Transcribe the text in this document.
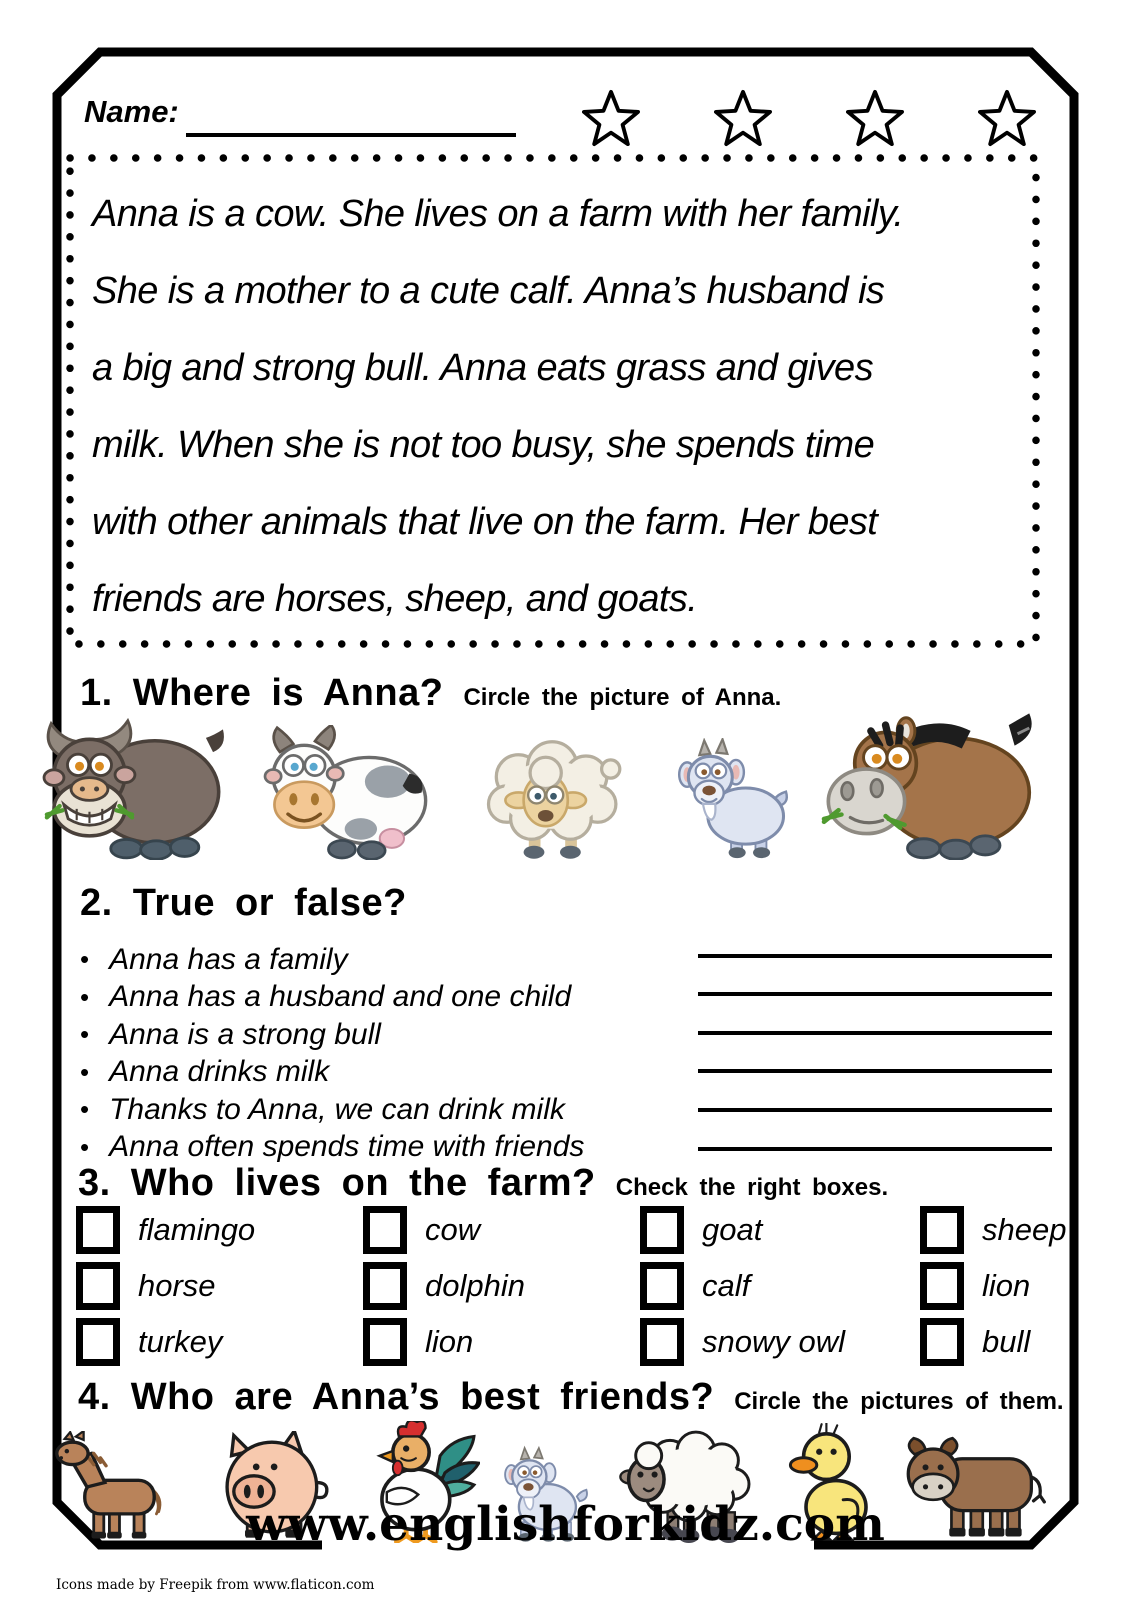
Name:
Anna is a cow. She lives on a farm with her family.
She is a mother to a cute calf. Anna’s husband is
a big and strong bull. Anna eats grass and gives
milk. When she is not too busy, she spends time
with other animals that live on the farm. Her best
friends are horses, sheep, and goats.
1. Where is Anna? Circle the picture of Anna.
2. True or false?
• Anna has a family
• Anna has a husband and one child
• Anna is a strong bull
• Anna drinks milk
• Thanks to Anna, we can drink milk
• Anna often spends time with friends
3. Who lives on the farm? Check the right boxes.
flamingo	cow	goat	sheep
horse	dolphin	calf	lion
turkey	lion	snowy owl	bull
4. Who are Anna’s best friends? Circle the pictures of them.
www.englishforkidz.com
Icons made by Freepik from www.flaticon.com
